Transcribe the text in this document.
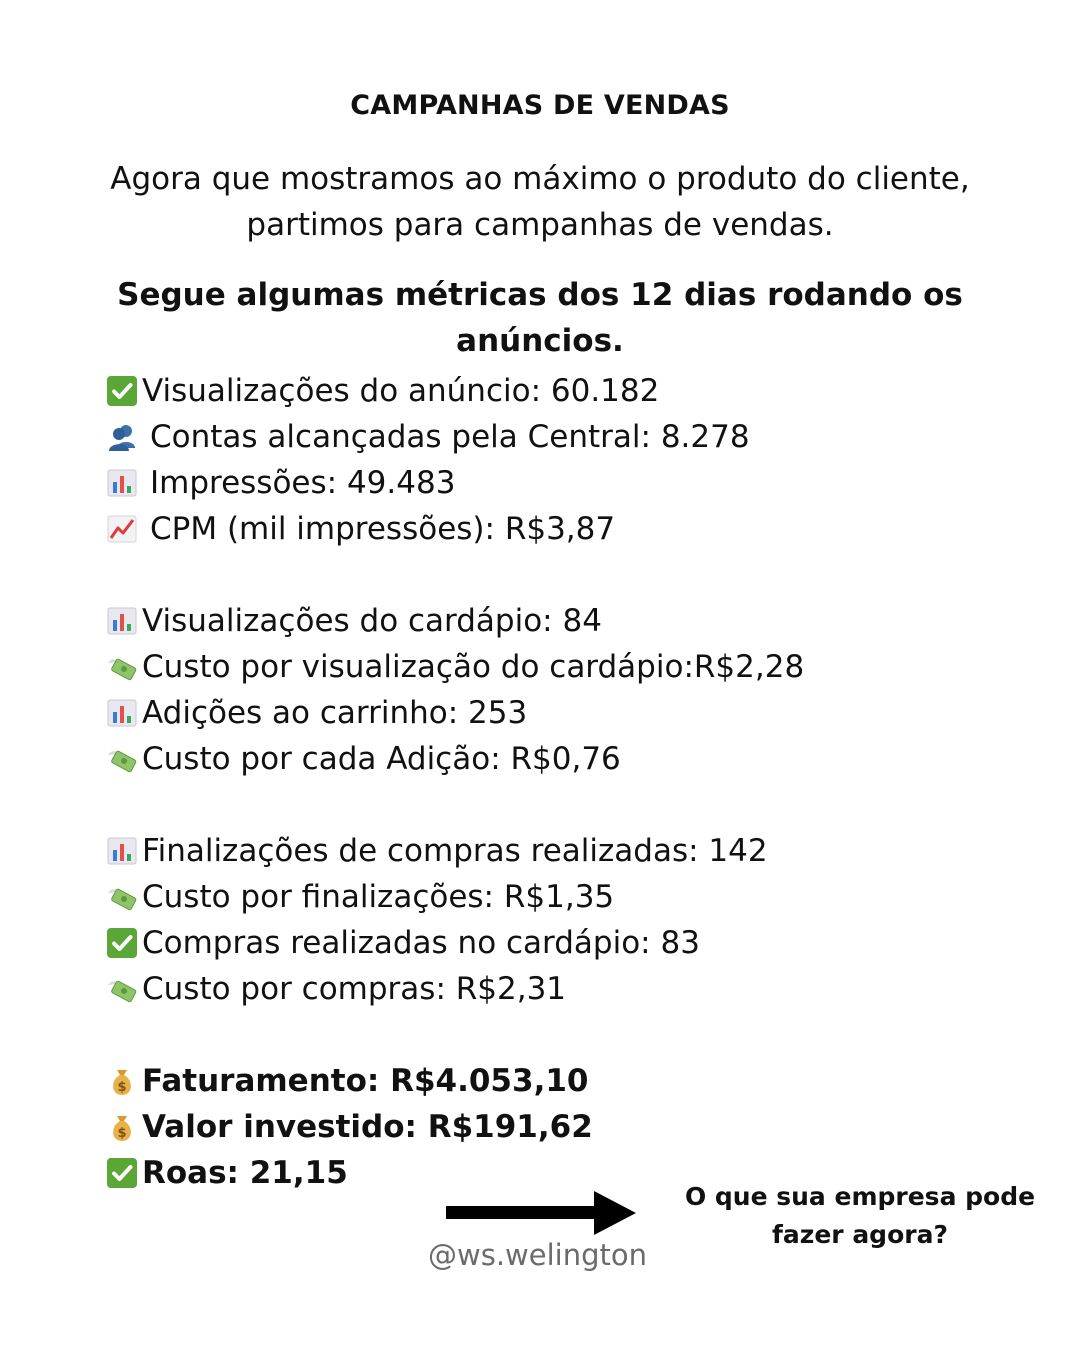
CAMPANHAS DE VENDAS
Agora que mostramos ao máximo o produto do cliente,
partimos para campanhas de vendas.
Segue algumas métricas dos 12 dias rodando os
anúncios.
Visualizações do anúncio: 60.182
Contas alcançadas pela Central: 8.278
Impressões: 49.483
CPM (mil impressões): R$3,87
Visualizações do cardápio: 84
Custo por visualização do cardápio:R$2,28
Adições ao carrinho: 253
Custo por cada Adição: R$0,76
Finalizações de compras realizadas: 142
Custo por finalizações: R$1,35
Compras realizadas no cardápio: 83
Custo por compras: R$2,31
$ Faturamento: R$4.053,10
$ Valor investido: R$191,62
Roas: 21,15
@ws.welington
O que sua empresa pode
fazer agora?
